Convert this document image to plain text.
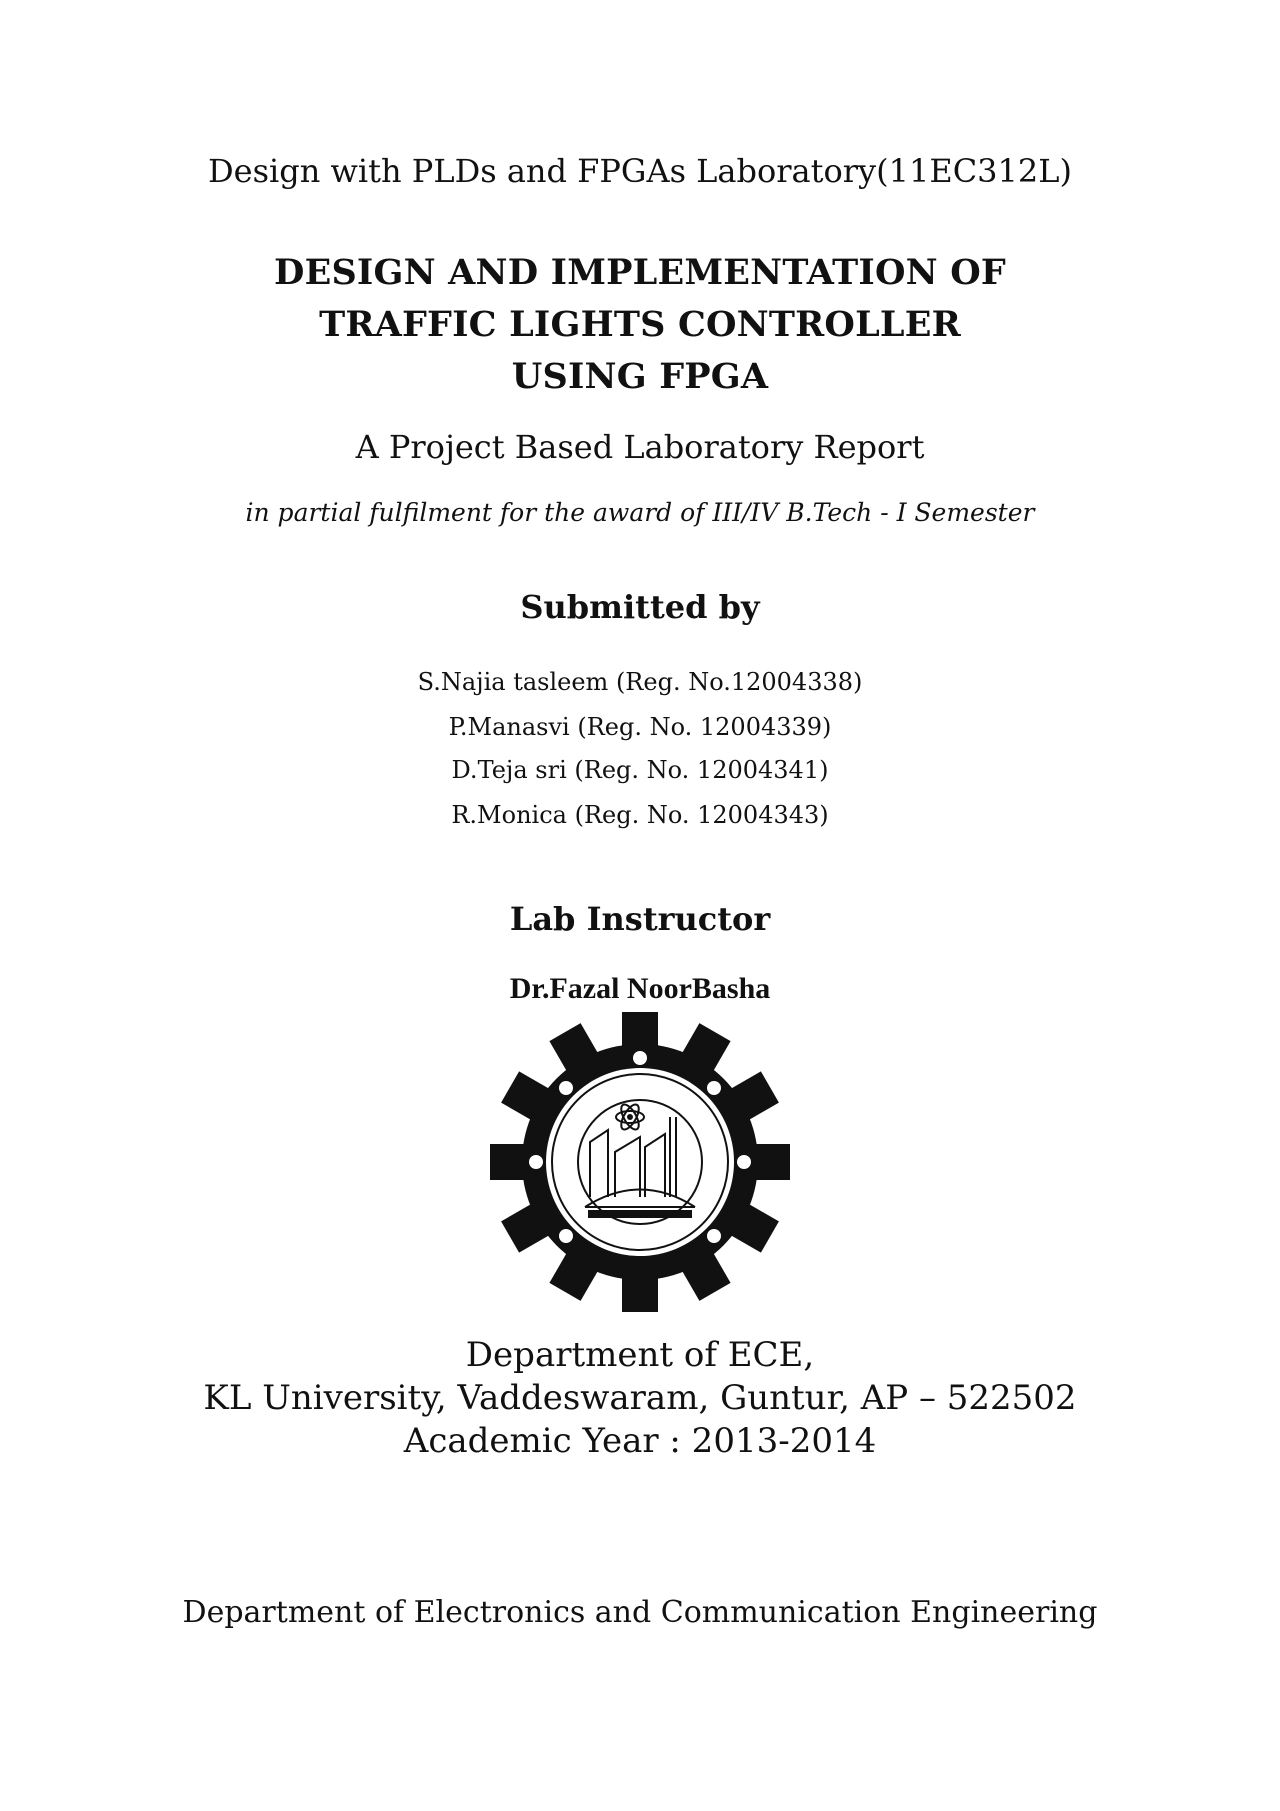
Design with PLDs and FPGAs Laboratory(11EC312L)
DESIGN AND IMPLEMENTATION OF
TRAFFIC LIGHTS CONTROLLER
USING FPGA
A Project Based Laboratory Report
in partial fulfilment for the award of III/IV B.Tech - I Semester
Submitted by
S.Najia tasleem (Reg. No.12004338)
P.Manasvi (Reg. No. 12004339)
D.Teja sri (Reg. No. 12004341)
R.Monica (Reg. No. 12004343)
Lab Instructor
Dr.Fazal NoorBasha
Department of ECE,
KL University, Vaddeswaram, Guntur, AP – 522502
Academic Year : 2013-2014
Department of Electronics and Communication Engineering
